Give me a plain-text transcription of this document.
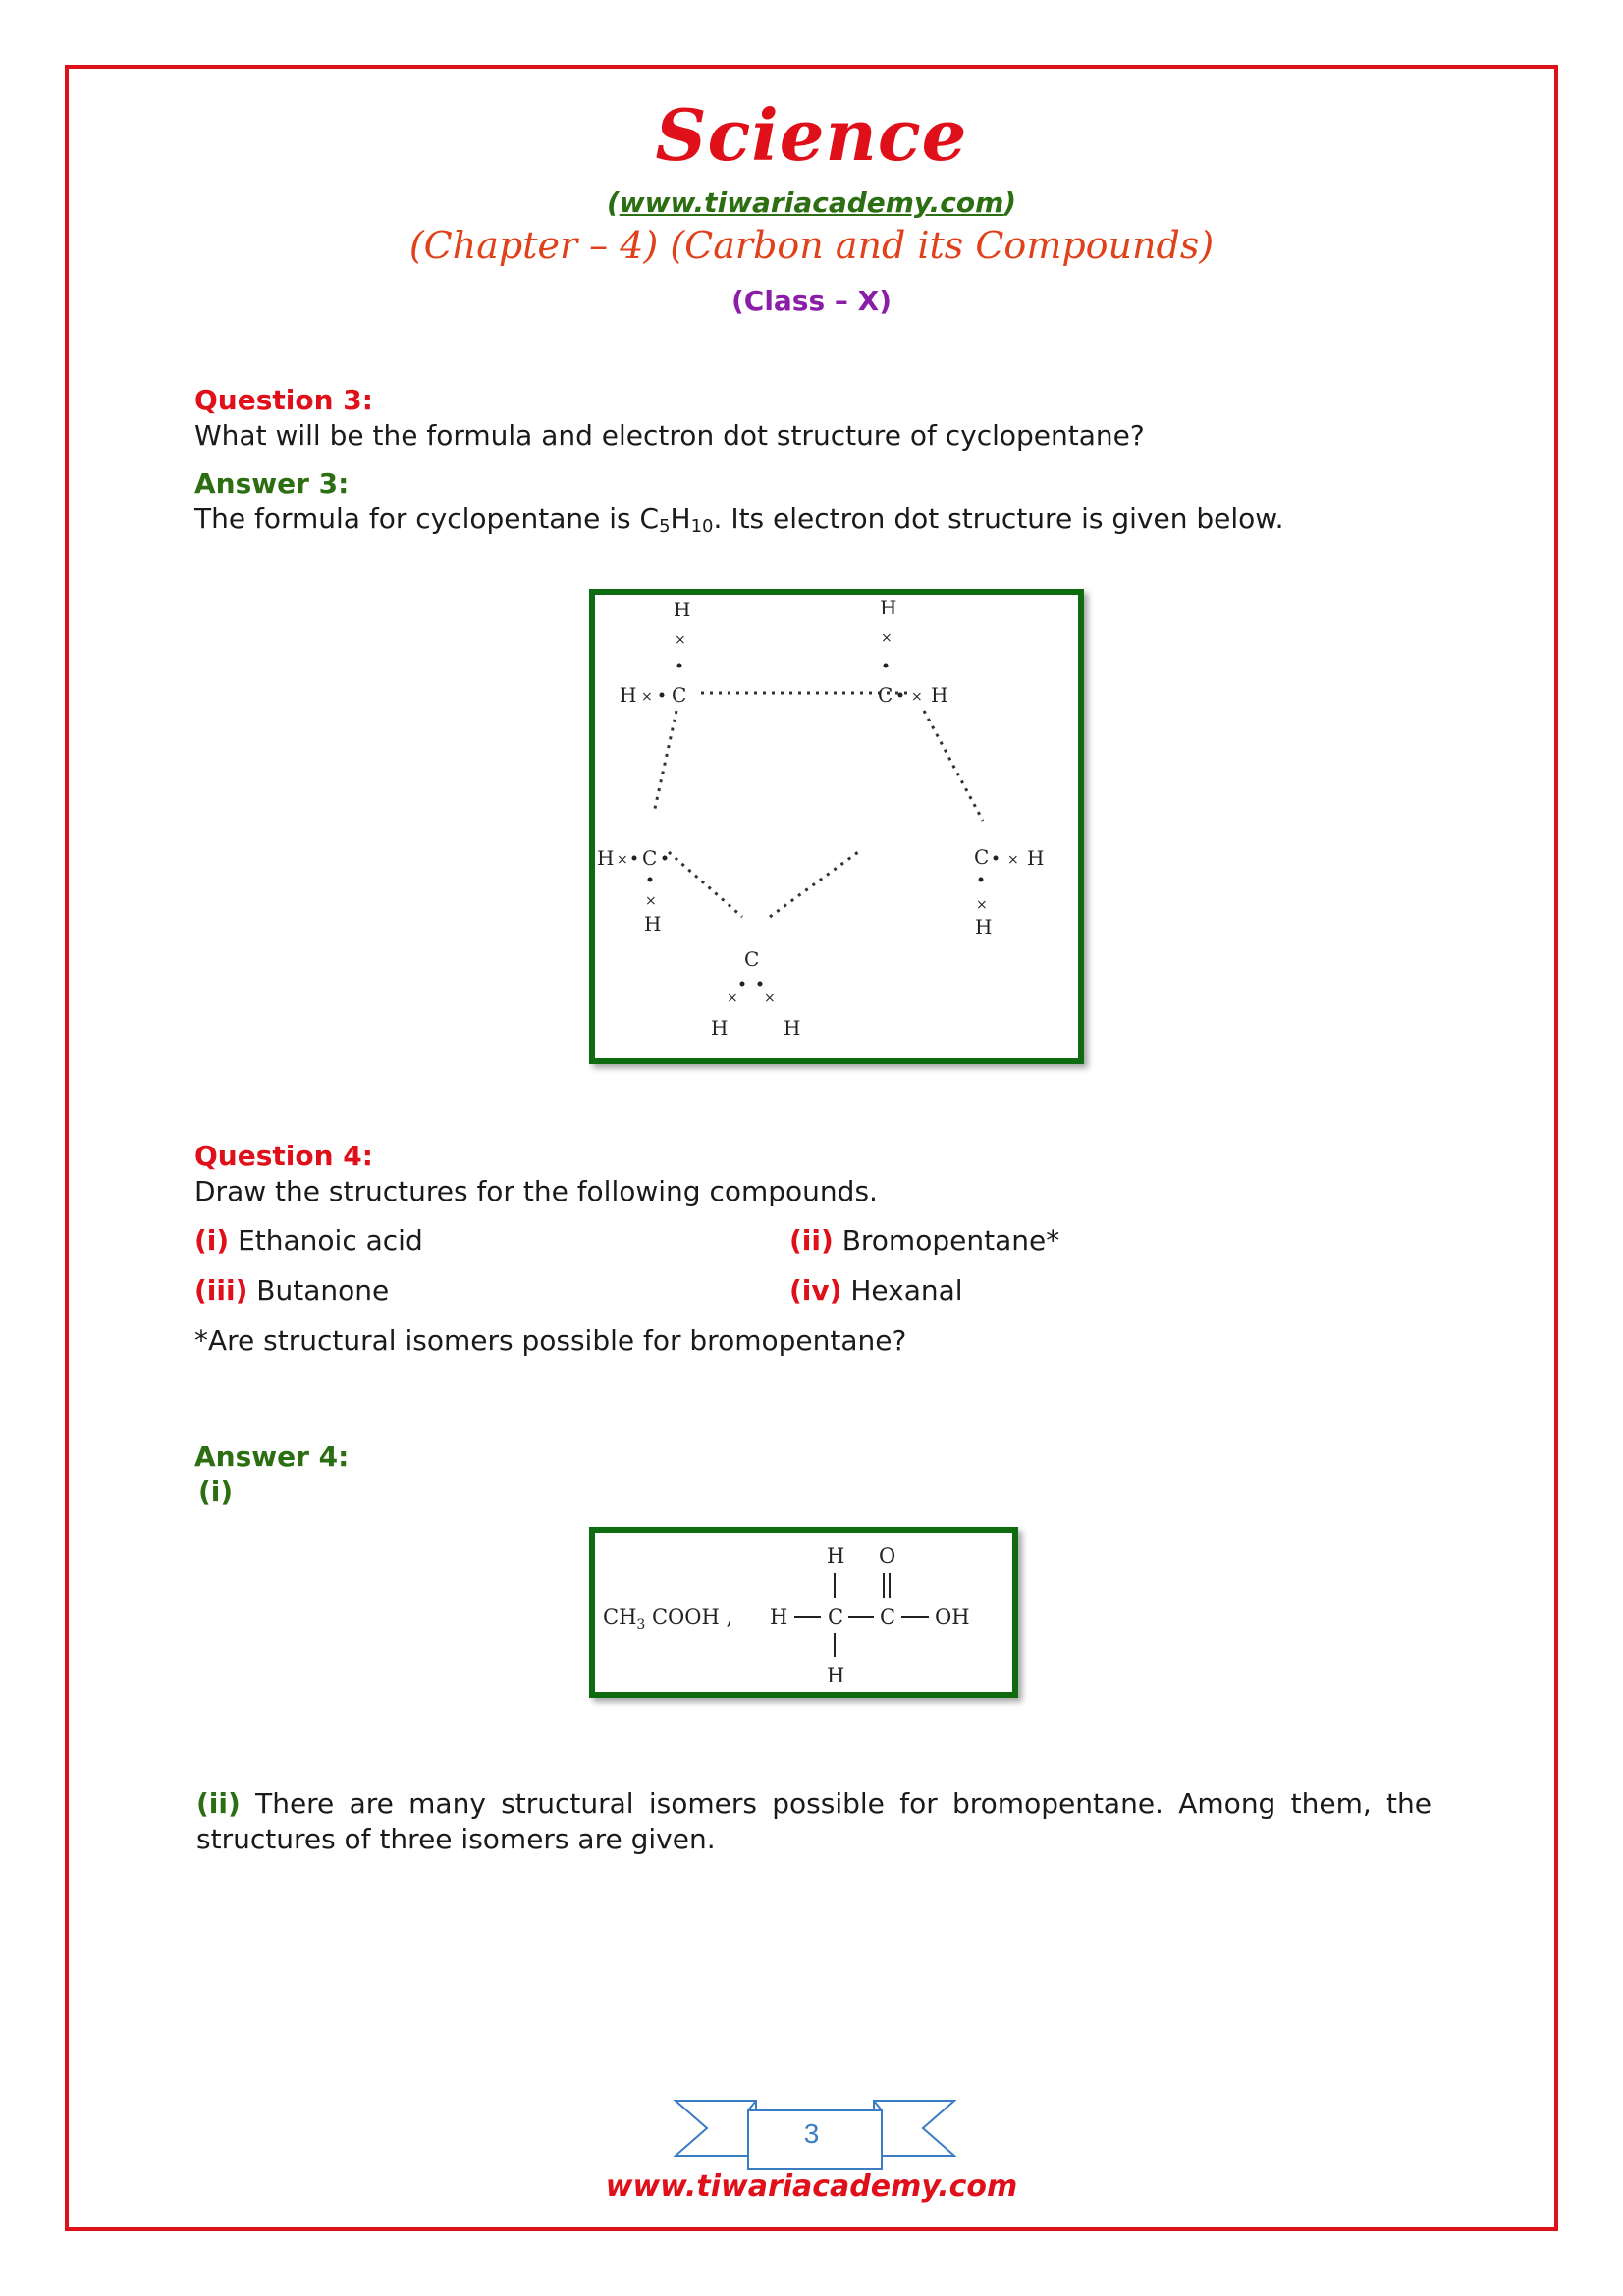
Science
(www.tiwariacademy.com)
(Chapter – 4) (Carbon and its Compounds)
(Class – X)
Question 3:
What will be the formula and electron dot structure of cyclopentane?
Answer 3:
The formula for cyclopentane is $C_5H_{10}$. Its electron dot structure is given below.
H
×
H × C
H
×
C × H
H × C
×
H
C × H
×
H
C
× ×
H	H
Question 4:
Draw the structures for the following compounds.
(i) Ethanoic acid	(ii) Bromopentane*
(iii) Butanone	(iv) Hexanal
*Are structural isomers possible for bromopentane?
Answer 4:
(i)
$CH_3$ COOH , H C
H
H
C
O
OH
(ii) There are many structural isomers possible for bromopentane. Among them, the structures of three isomers are given.
3
www.tiwariacademy.com
